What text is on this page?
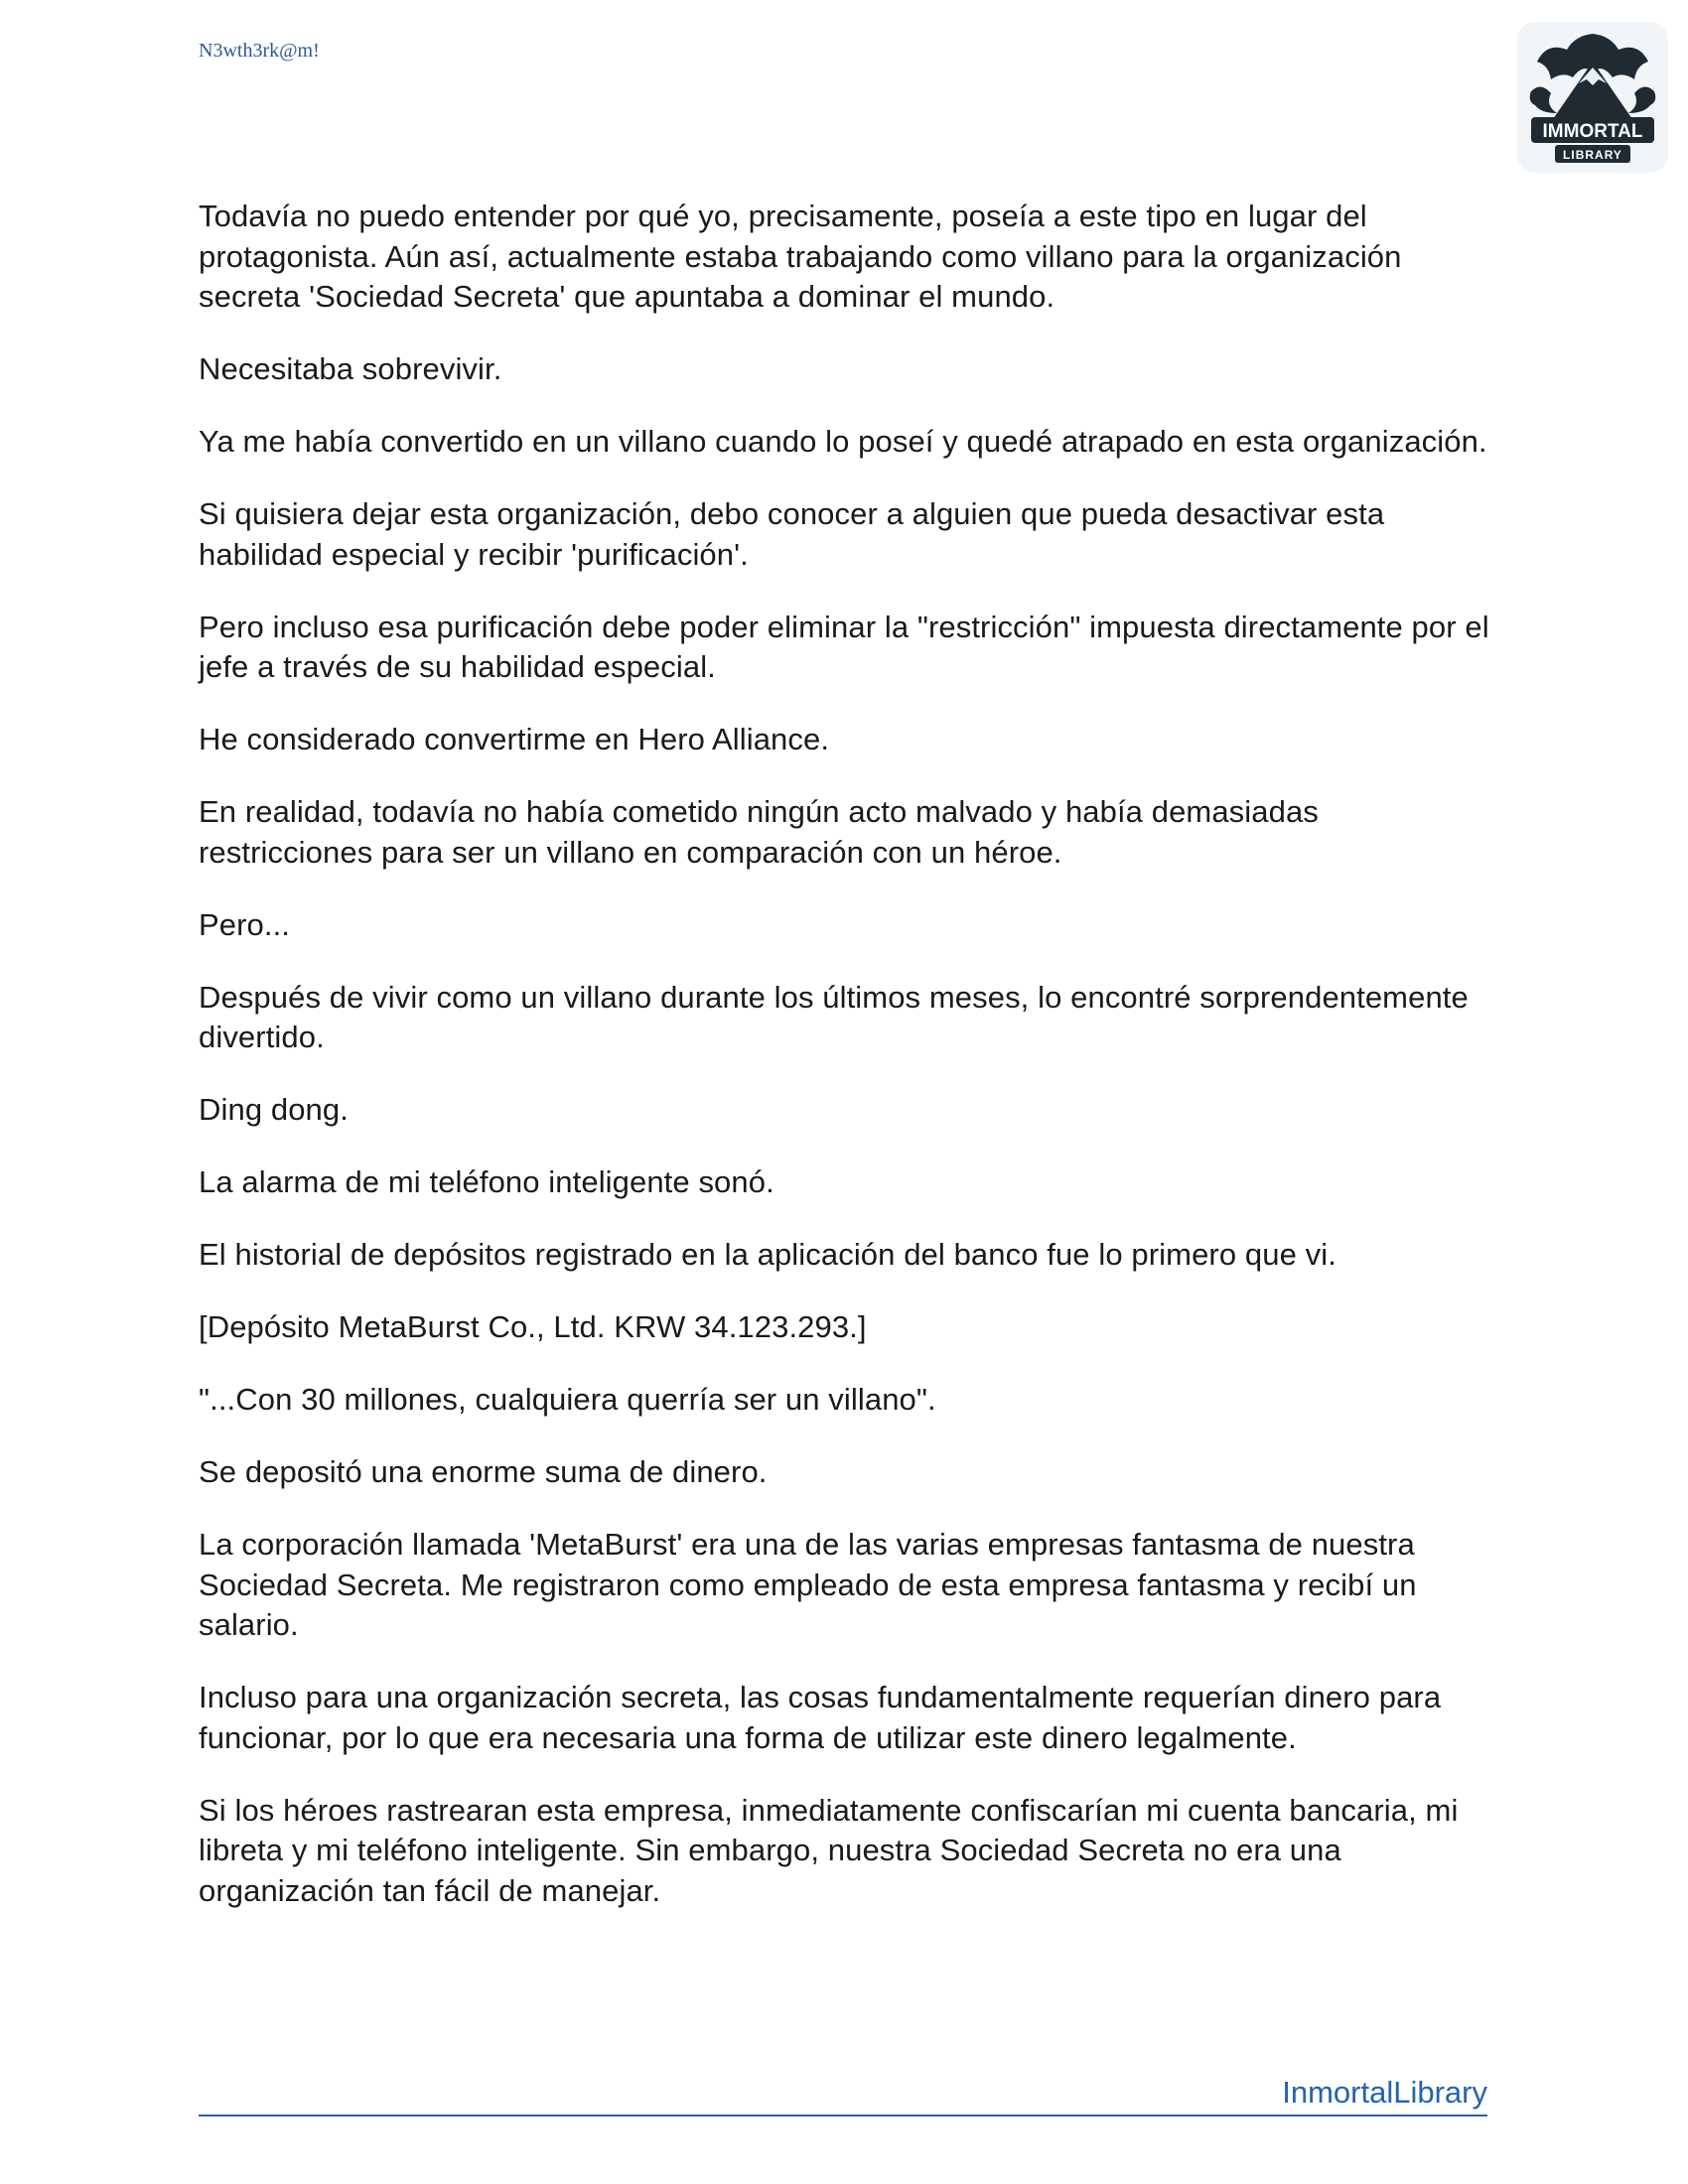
N3wth3rk@m!
IMMORTAL
LIBRARY

Todavía no puedo entender por qué yo, precisamente, poseía a este tipo en lugar del protagonista. Aún así, actualmente estaba trabajando como villano para la organización secreta 'Sociedad Secreta' que apuntaba a dominar el mundo.

Necesitaba sobrevivir.

Ya me había convertido en un villano cuando lo poseí y quedé atrapado en esta organización.

Si quisiera dejar esta organización, debo conocer a alguien que pueda desactivar esta habilidad especial y recibir 'purificación'.

Pero incluso esa purificación debe poder eliminar la "restricción" impuesta directamente por el jefe a través de su habilidad especial.

He considerado convertirme en Hero Alliance.

En realidad, todavía no había cometido ningún acto malvado y había demasiadas restricciones para ser un villano en comparación con un héroe.

Pero...

Después de vivir como un villano durante los últimos meses, lo encontré sorprendentemente divertido.

Ding dong.

La alarma de mi teléfono inteligente sonó.

El historial de depósitos registrado en la aplicación del banco fue lo primero que vi.

[Depósito MetaBurst Co., Ltd. KRW 34.123.293.]

"...Con 30 millones, cualquiera querría ser un villano".

Se depositó una enorme suma de dinero.

La corporación llamada 'MetaBurst' era una de las varias empresas fantasma de nuestra Sociedad Secreta. Me registraron como empleado de esta empresa fantasma y recibí un salario.

Incluso para una organización secreta, las cosas fundamentalmente requerían dinero para funcionar, por lo que era necesaria una forma de utilizar este dinero legalmente.

Si los héroes rastrearan esta empresa, inmediatamente confiscarían mi cuenta bancaria, mi libreta y mi teléfono inteligente. Sin embargo, nuestra Sociedad Secreta no era una organización tan fácil de manejar.

InmortalLibrary
